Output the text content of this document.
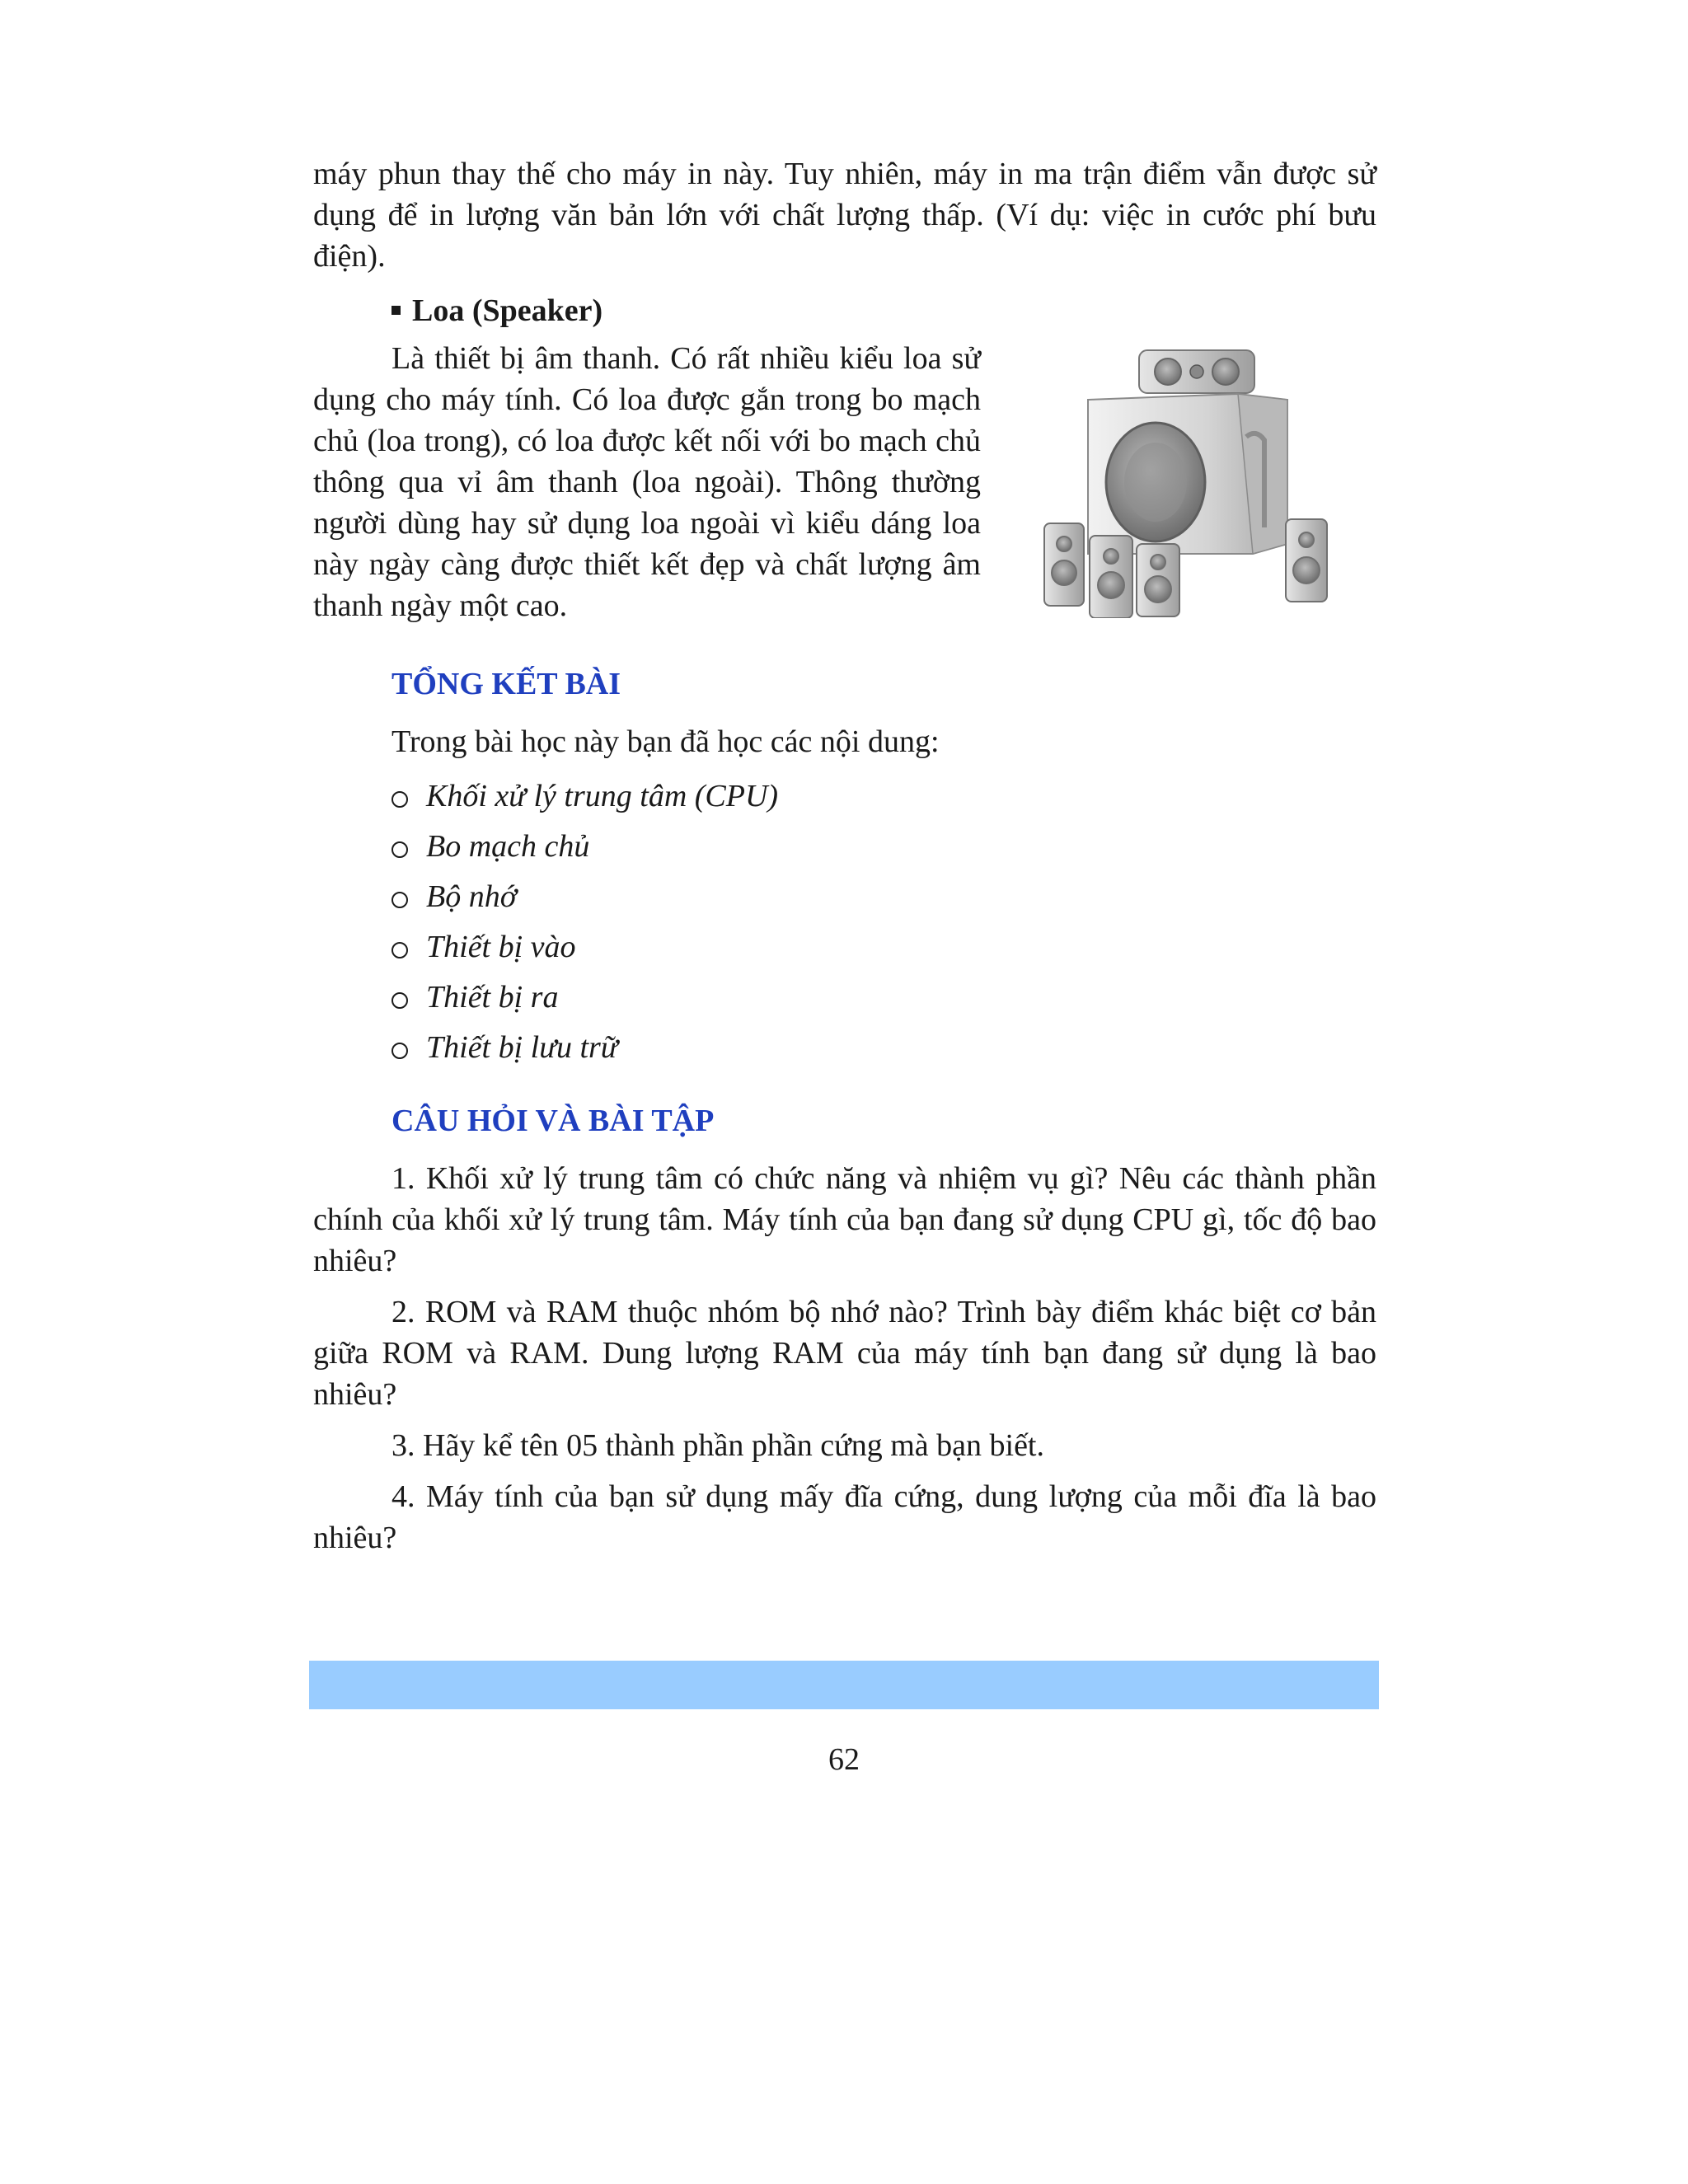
máy phun thay thế cho máy in này. Tuy nhiên, máy in ma trận điểm vẫn được sử dụng để in lượng văn bản lớn với chất lượng thấp. (Ví dụ: việc in cước phí bưu điện).

Loa (Speaker)

Là thiết bị âm thanh. Có rất nhiều kiểu loa sử dụng cho máy tính. Có loa được gắn trong bo mạch chủ (loa trong), có loa được kết nối với bo mạch chủ thông qua vỉ âm thanh (loa ngoài). Thông thường người dùng hay sử dụng loa ngoài vì kiểu dáng loa này ngày càng được thiết kết đẹp và chất lượng âm thanh ngày một cao.

TỔNG KẾT BÀI

Trong bài học này bạn đã học các nội dung:

Khối xử lý trung tâm (CPU)
Bo mạch chủ
Bộ nhớ
Thiết bị vào
Thiết bị ra
Thiết bị lưu trữ
CÂU HỎI VÀ BÀI TẬP

1. Khối xử lý trung tâm có chức năng và nhiệm vụ gì? Nêu các thành phần chính của khối xử lý trung tâm. Máy tính của bạn đang sử dụng CPU gì, tốc độ bao nhiêu?

2. ROM và RAM thuộc nhóm bộ nhớ nào? Trình bày điểm khác biệt cơ bản giữa ROM và RAM. Dung lượng RAM của máy tính bạn đang sử dụng là bao nhiêu?

3. Hãy kể tên 05 thành phần phần cứng mà bạn biết.

4. Máy tính của bạn sử dụng mấy đĩa cứng, dung lượng của mỗi đĩa là bao nhiêu?

62
